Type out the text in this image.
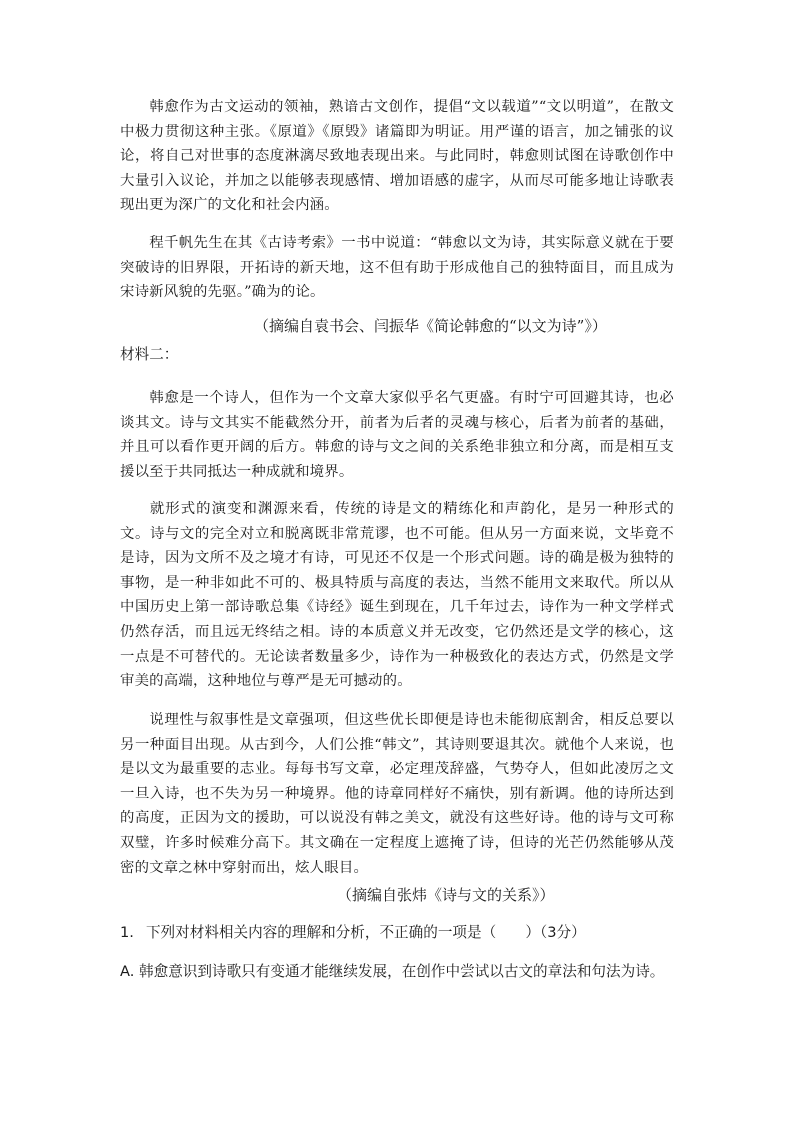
韩愈作为古文运动的领袖，熟谙古文创作，提倡“文以载道”“文以明道”，在散文中极力贯彻这种主张。《原道》《原毁》诸篇即为明证。用严谨的语言，加之铺张的议论，将自己对世事的态度淋漓尽致地表现出来。与此同时，韩愈则试图在诗歌创作中大量引入议论，并加之以能够表现感情、增加语感的虚字，从而尽可能多地让诗歌表现出更为深广的文化和社会内涵。

程千帆先生在其《古诗考索》一书中说道：“韩愈以文为诗，其实际意义就在于要突破诗的旧界限，开拓诗的新天地，这不但有助于形成他自己的独特面目，而且成为宋诗新风貌的先驱。”确为的论。

（摘编自袁书会、闫振华《简论韩愈的“以文为诗”》）

材料二：

韩愈是一个诗人，但作为一个文章大家似乎名气更盛。有时宁可回避其诗，也必谈其文。诗与文其实不能截然分开，前者为后者的灵魂与核心，后者为前者的基础，并且可以看作更开阔的后方。韩愈的诗与文之间的关系绝非独立和分离，而是相互支援以至于共同抵达一种成就和境界。

就形式的演变和渊源来看，传统的诗是文的精练化和声韵化，是另一种形式的文。诗与文的完全对立和脱离既非常荒谬，也不可能。但从另一方面来说，文毕竟不是诗，因为文所不及之境才有诗，可见还不仅是一个形式问题。诗的确是极为独特的事物，是一种非如此不可的、极具特质与高度的表达，当然不能用文来取代。所以从中国历史上第一部诗歌总集《诗经》诞生到现在，几千年过去，诗作为一种文学样式仍然存活，而且远无终结之相。诗的本质意义并无改变，它仍然还是文学的核心，这一点是不可替代的。无论读者数量多少，诗作为一种极致化的表达方式，仍然是文学审美的高端，这种地位与尊严是无可撼动的。

说理性与叙事性是文章强项，但这些优长即便是诗也未能彻底割舍，相反总要以另一种面目出现。从古到今，人们公推“韩文”，其诗则要退其次。就他个人来说，也是以文为最重要的志业。每每书写文章，必定理茂辞盛，气势夺人，但如此凌厉之文一旦入诗，也不失为另一种境界。他的诗章同样好不痛快，别有新调。他的诗所达到的高度，正因为文的援助，可以说没有韩之美文，就没有这些好诗。他的诗与文可称双璧，许多时候难分高下。其文确在一定程度上遮掩了诗，但诗的光芒仍然能够从茂密的文章之林中穿射而出，炫人眼目。

（摘编自张炜《诗与文的关系》）

1. 下列对材料相关内容的理解和分析，不正确的一项是（　　）（3分）

A. 韩愈意识到诗歌只有变通才能继续发展，在创作中尝试以古文的章法和句法为诗。
